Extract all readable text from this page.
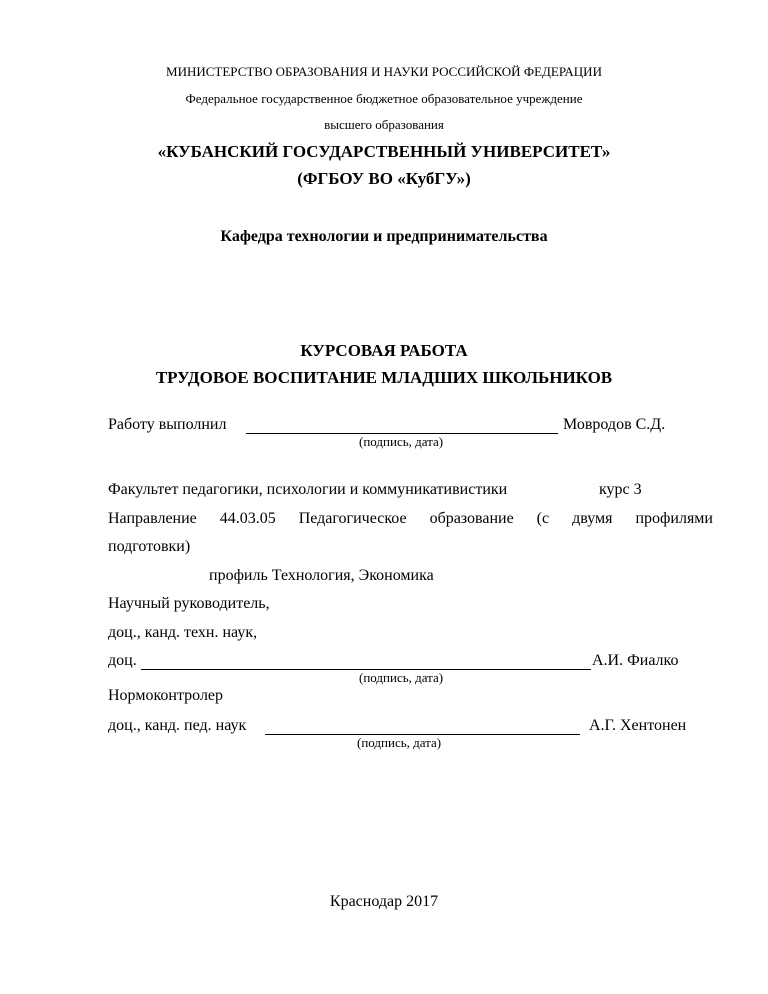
МИНИСТЕРСТВО ОБРАЗОВАНИЯ И НАУКИ РОССИЙСКОЙ ФЕДЕРАЦИИ
Федеральное государственное бюджетное образовательное учреждение
высшего образования
«КУБАНСКИЙ ГОСУДАРСТВЕННЫЙ УНИВЕРСИТЕТ»
(ФГБОУ ВО «КубГУ»)
Кафедра технологии и предпринимательства
КУРСОВАЯ РАБОТА
ТРУДОВОЕ ВОСПИТАНИЕ МЛАДШИХ ШКОЛЬНИКОВ
Работу выполнил	Мовродов С.Д.
(подпись, дата)
Факультет педагогики, психологии и коммуникативистики	курс 3
Направление 44.03.05 Педагогическое образование (с двумя профилями
подготовки)
профиль Технология, Экономика
Научный руководитель,
доц., канд. техн. наук,
доц.	А.И. Фиалко
(подпись, дата)
Нормоконтролер
доц., канд. пед. наук	А.Г. Хентонен
(подпись, дата)
Краснодар 2017
